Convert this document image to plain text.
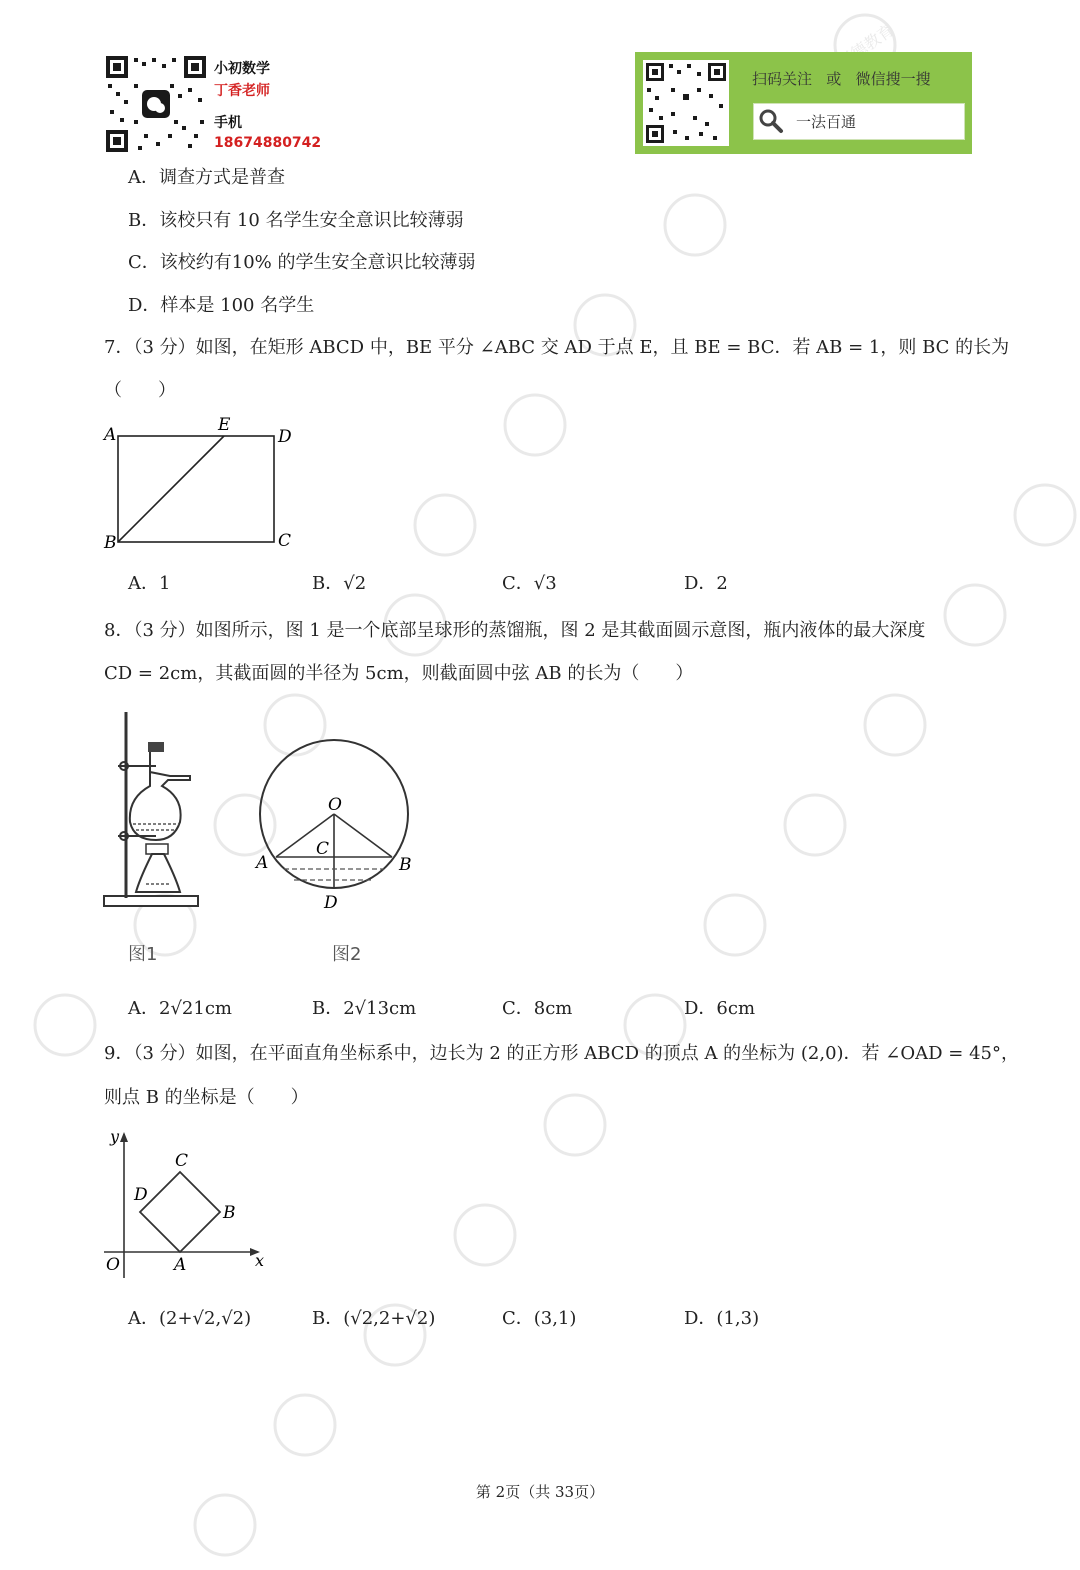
百德教育
小初数学
丁香老师
手机
18674880742
扫码关注   或   微信搜一搜
一法百通
A．调查方式是普查
B．该校只有 10 名学生安全意识比较薄弱
C．该校约有10% 的学生安全意识比较薄弱
D．样本是 100 名学生
7．（3 分）如图，在矩形 ABCD 中，BE 平分 ∠ABC 交 AD 于点 E，且 BE = BC．若 AB = 1，则 BC 的长为
（　　）
A	E
D
B	C
A．1	B．√2	C．√3	D．2
8．（3 分）如图所示，图 1 是一个底部呈球形的蒸馏瓶，图 2 是其截面圆示意图，瓶内液体的最大深度
CD = 2cm，其截面圆的半径为 5cm，则截面圆中弦 AB 的长为（　　）
图1
O
C
A	B
D
图2
A．2√21cm	B．2√13cm	C．8cm	D．6cm
9．（3 分）如图，在平面直角坐标系中，边长为 2 的正方形 ABCD 的顶点 A 的坐标为 (2,0)．若 ∠OAD = 45°，
则点 B 的坐标是（　　）
y
x
O	A
B
C
D
A．(2+√2,√2)	B．(√2,2+√2)	C．(3,1)	D．(1,3)
第 2页（共 33页）
